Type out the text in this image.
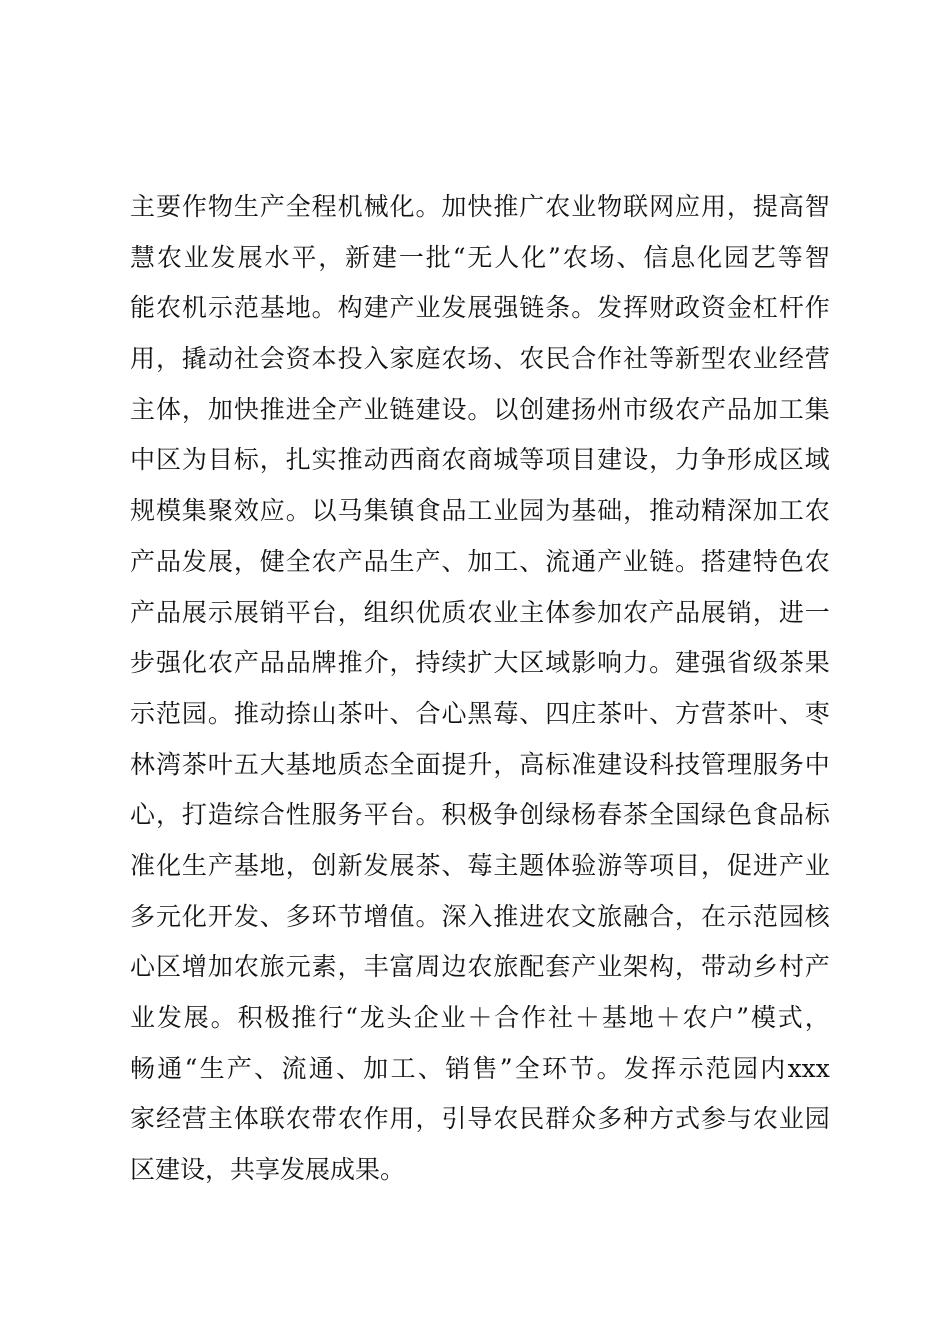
主 要 作 物 生 产 全 程 机 械 化 。 加 快 推 广 农 业 物 联 网 应 用 ， 提 高 智
慧 农 业 发 展 水 平 ， 新 建 一 批 “ 无 人 化 ” 农 场 、 信 息 化 园 艺 等 智
能 农 机 示 范 基 地 。 构 建 产 业 发 展 强 链 条 。 发 挥 财 政 资 金 杠 杆 作
用 ， 撬 动 社 会 资 本 投 入 家 庭 农 场 、 农 民 合 作 社 等 新 型 农 业 经 营
主 体 ， 加 快 推 进 全 产 业 链 建 设 。 以 创 建 扬 州 市 级 农 产 品 加 工 集
中 区 为 目 标 ， 扎 实 推 动 西 商 农 商 城 等 项 目 建 设 ， 力 争 形 成 区 域
规 模 集 聚 效 应 。 以 马 集 镇 食 品 工 业 园 为 基 础 ， 推 动 精 深 加 工 农
产 品 发 展 ， 健 全 农 产 品 生 产 、 加 工 、 流 通 产 业 链 。 搭 建 特 色 农
产 品 展 示 展 销 平 台 ， 组 织 优 质 农 业 主 体 参 加 农 产 品 展 销 ， 进 一
步 强 化 农 产 品 品 牌 推 介 ， 持 续 扩 大 区 域 影 响 力 。 建 强 省 级 茶 果
示 范 园 。 推 动 捺 山 茶 叶 、 合 心 黑 莓 、 四 庄 茶 叶 、 方 营 茶 叶 、 枣
林 湾 茶 叶 五 大 基 地 质 态 全 面 提 升 ， 高 标 准 建 设 科 技 管 理 服 务 中
心 ， 打 造 综 合 性 服 务 平 台 。 积 极 争 创 绿 杨 春 茶 全 国 绿 色 食 品 标
准 化 生 产 基 地 ， 创 新 发 展 茶 、 莓 主 题 体 验 游 等 项 目 ， 促 进 产 业
多 元 化 开 发 、 多 环 节 增 值 。 深 入 推 进 农 文 旅 融 合 ， 在 示 范 园 核
心 区 增 加 农 旅 元 素 ， 丰 富 周 边 农 旅 配 套 产 业 架 构 ， 带 动 乡 村 产
业 发 展 。 积 极 推 行 “ 龙 头 企 业 ＋ 合 作 社 ＋ 基 地 ＋ 农 户 ” 模 式 ，
畅 通 “ 生 产 、 流 通 、 加 工 、 销 售 ” 全 环 节 。 发 挥 示 范 园 内 xxx
家 经 营 主 体 联 农 带 农 作 用 ， 引 导 农 民 群 众 多 种 方 式 参 与 农 业 园
区建设，共享发展成果。
